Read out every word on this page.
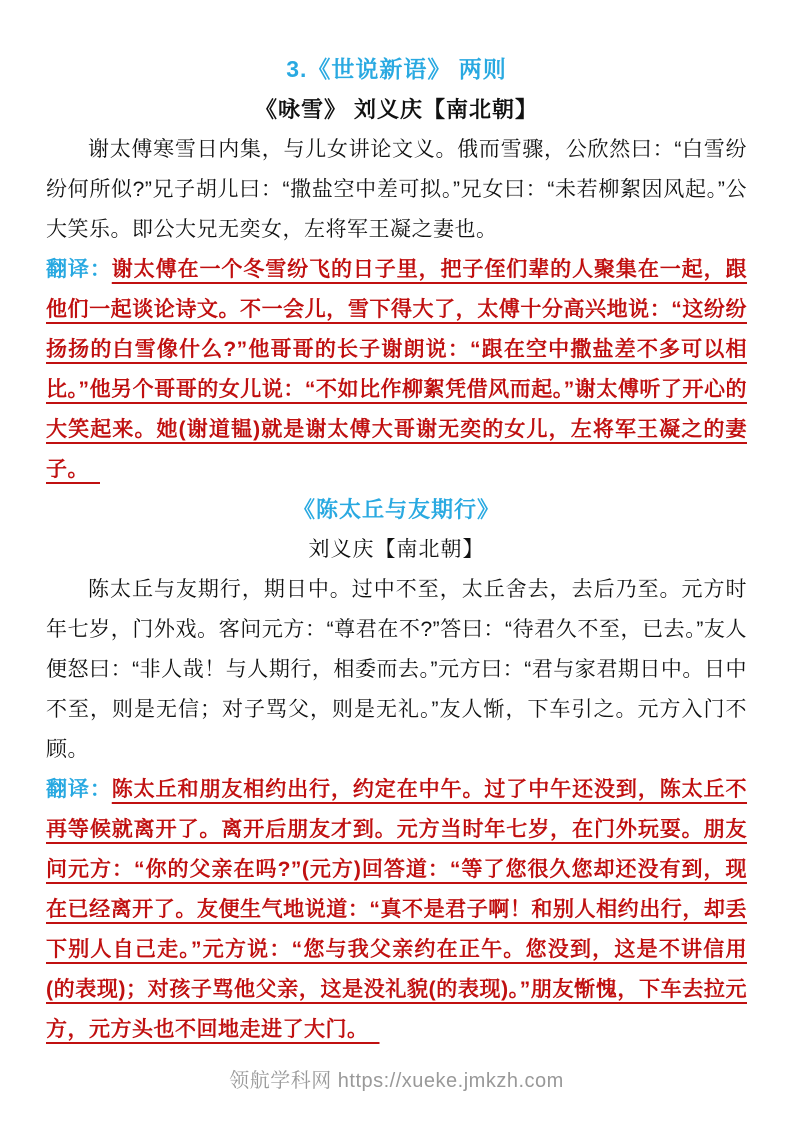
3.《世说新语》 两则
《咏雪》 刘义庆【南北朝】

谢太傅寒雪日内集，与儿女讲论文义。俄而雪骤，公欣然曰：“白雪纷纷何所似?”兄子胡儿曰：“撒盐空中差可拟。”兄女曰：“未若柳絮因风起。”公大笑乐。即公大兄无奕女，左将军王凝之妻也。

翻译：谢太傅在一个冬雪纷飞的日子里，把子侄们辈的人聚集在一起，跟他们一起谈论诗文。不一会儿，雪下得大了，太傅十分高兴地说：“这纷纷扬扬的白雪像什么?”他哥哥的长子谢朗说：“跟在空中撒盐差不多可以相比。”他另个哥哥的女儿说：“不如比作柳絮凭借风而起。”谢太傅听了开心的大笑起来。她(谢道韫)就是谢太傅大哥谢无奕的女儿，左将军王凝之的妻子。　

《陈太丘与友期行》
刘义庆【南北朝】

陈太丘与友期行，期日中。过中不至，太丘舍去，去后乃至。元方时年七岁，门外戏。客问元方：“尊君在不?”答曰：“待君久不至，已去。”友人便怒曰：“非人哉！与人期行，相委而去。”元方曰：“君与家君期日中。日中不至，则是无信；对子骂父，则是无礼。”友人惭，下车引之。元方入门不顾。

翻译：陈太丘和朋友相约出行，约定在中午。过了中午还没到，陈太丘不再等候就离开了。离开后朋友才到。元方当时年七岁，在门外玩耍。朋友问元方：“你的父亲在吗?”(元方)回答道：“等了您很久您却还没有到，现在已经离开了。友便生气地说道：“真不是君子啊！和别人相约出行，却丢下别人自己走。”元方说：“您与我父亲约在正午。您没到，这是不讲信用(的表现)；对孩子骂他父亲，这是没礼貌(的表现)。”朋友惭愧，下车去拉元方，元方头也不回地走进了大门。　

领航学科网 https://xueke.jmkzh.com
